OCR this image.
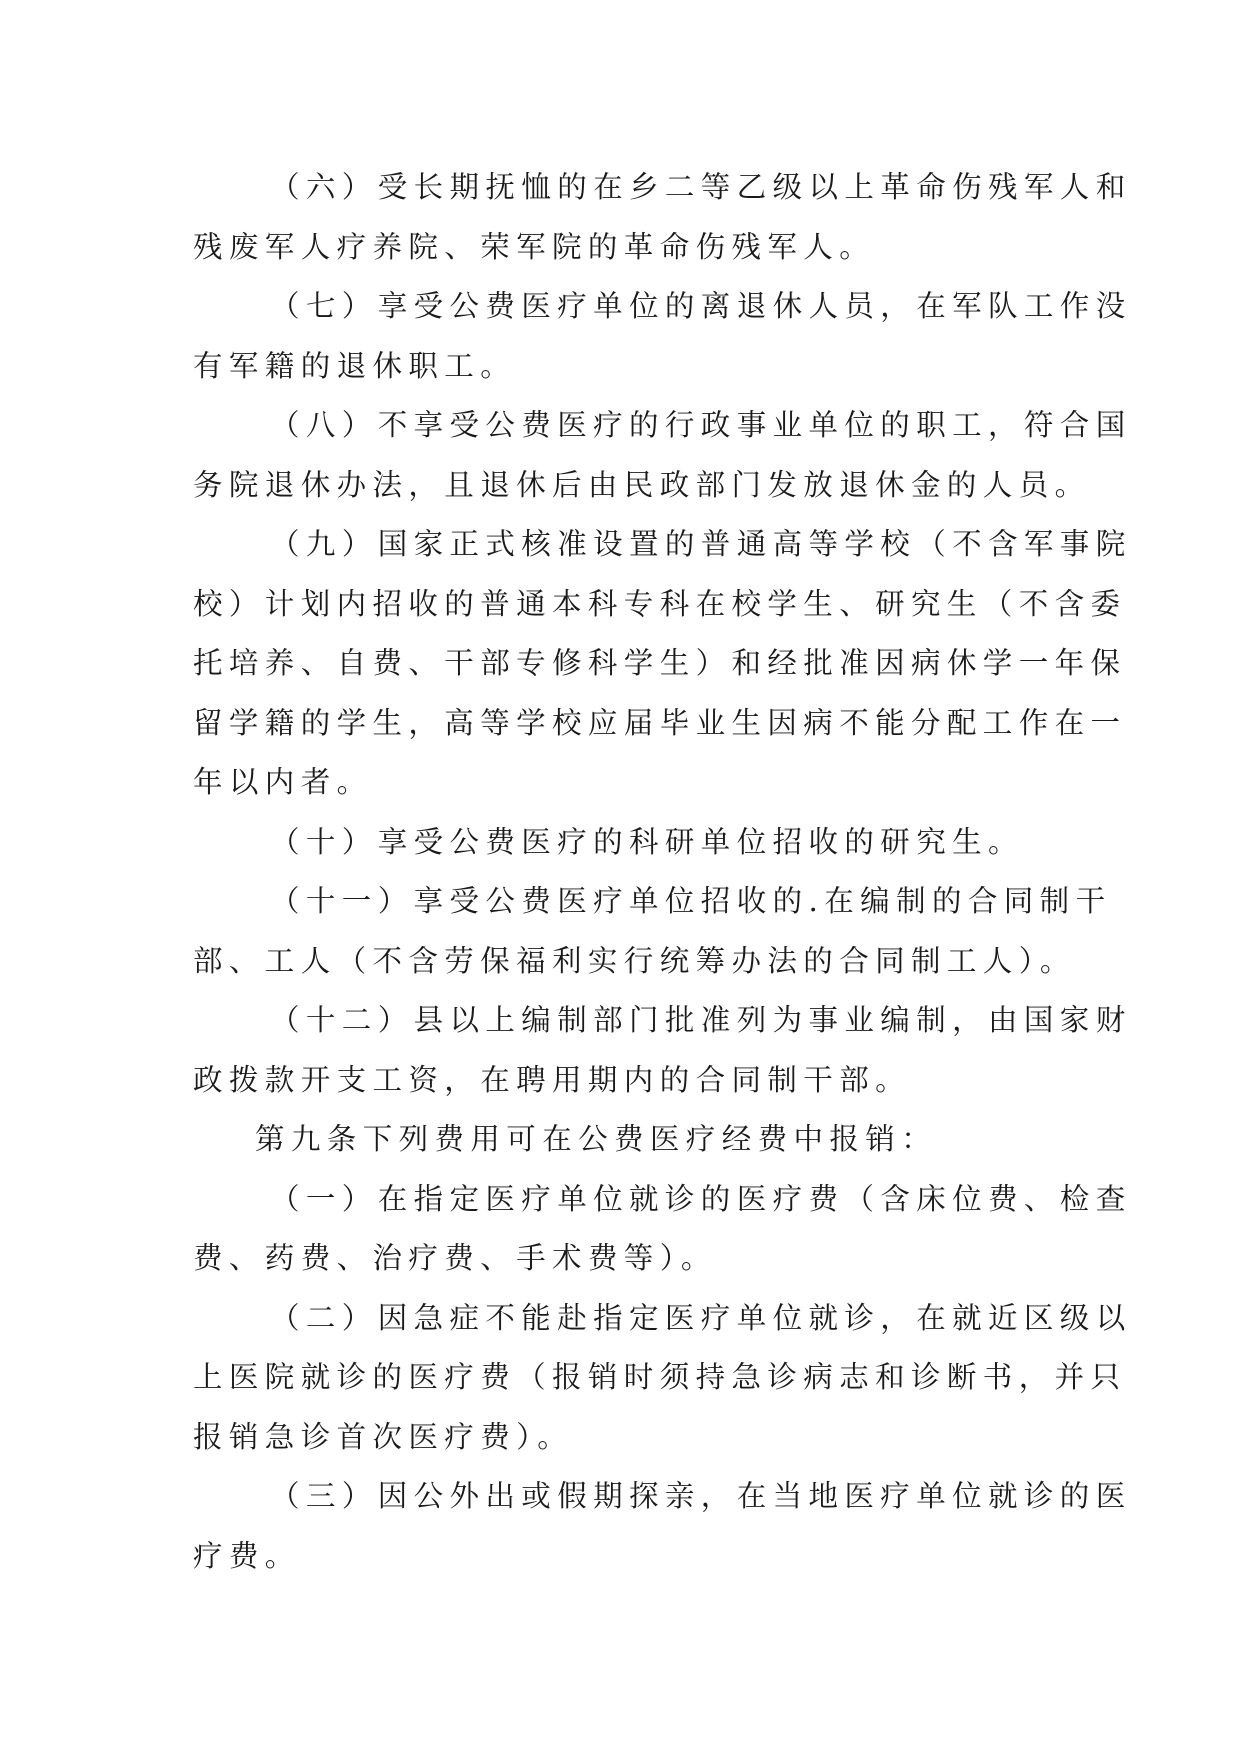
（六）受长期抚恤的在乡二等乙级以上革命伤残军人和
残废军人疗养院、荣军院的革命伤残军人。
（七）享受公费医疗单位的离退休人员，在军队工作没
有军籍的退休职工。
（八）不享受公费医疗的行政事业单位的职工，符合国
务院退休办法，且退休后由民政部门发放退休金的人员。
（九）国家正式核准设置的普通高等学校（不含军事院
校）计划内招收的普通本科专科在校学生、研究生（不含委
托培养、自费、干部专修科学生）和经批准因病休学一年保
留学籍的学生，高等学校应届毕业生因病不能分配工作在一
年以内者。
（十）享受公费医疗的科研单位招收的研究生。
（十一）享受公费医疗单位招收的.在编制的合同制干
部、工人（不含劳保福利实行统筹办法的合同制工人）。
（十二）县以上编制部门批准列为事业编制，由国家财
政拨款开支工资，在聘用期内的合同制干部。
第九条下列费用可在公费医疗经费中报销：
（一）在指定医疗单位就诊的医疗费（含床位费、检查
费、药费、治疗费、手术费等）。
（二）因急症不能赴指定医疗单位就诊，在就近区级以
上医院就诊的医疗费（报销时须持急诊病志和诊断书，并只
报销急诊首次医疗费）。
（三）因公外出或假期探亲，在当地医疗单位就诊的医
疗费。
